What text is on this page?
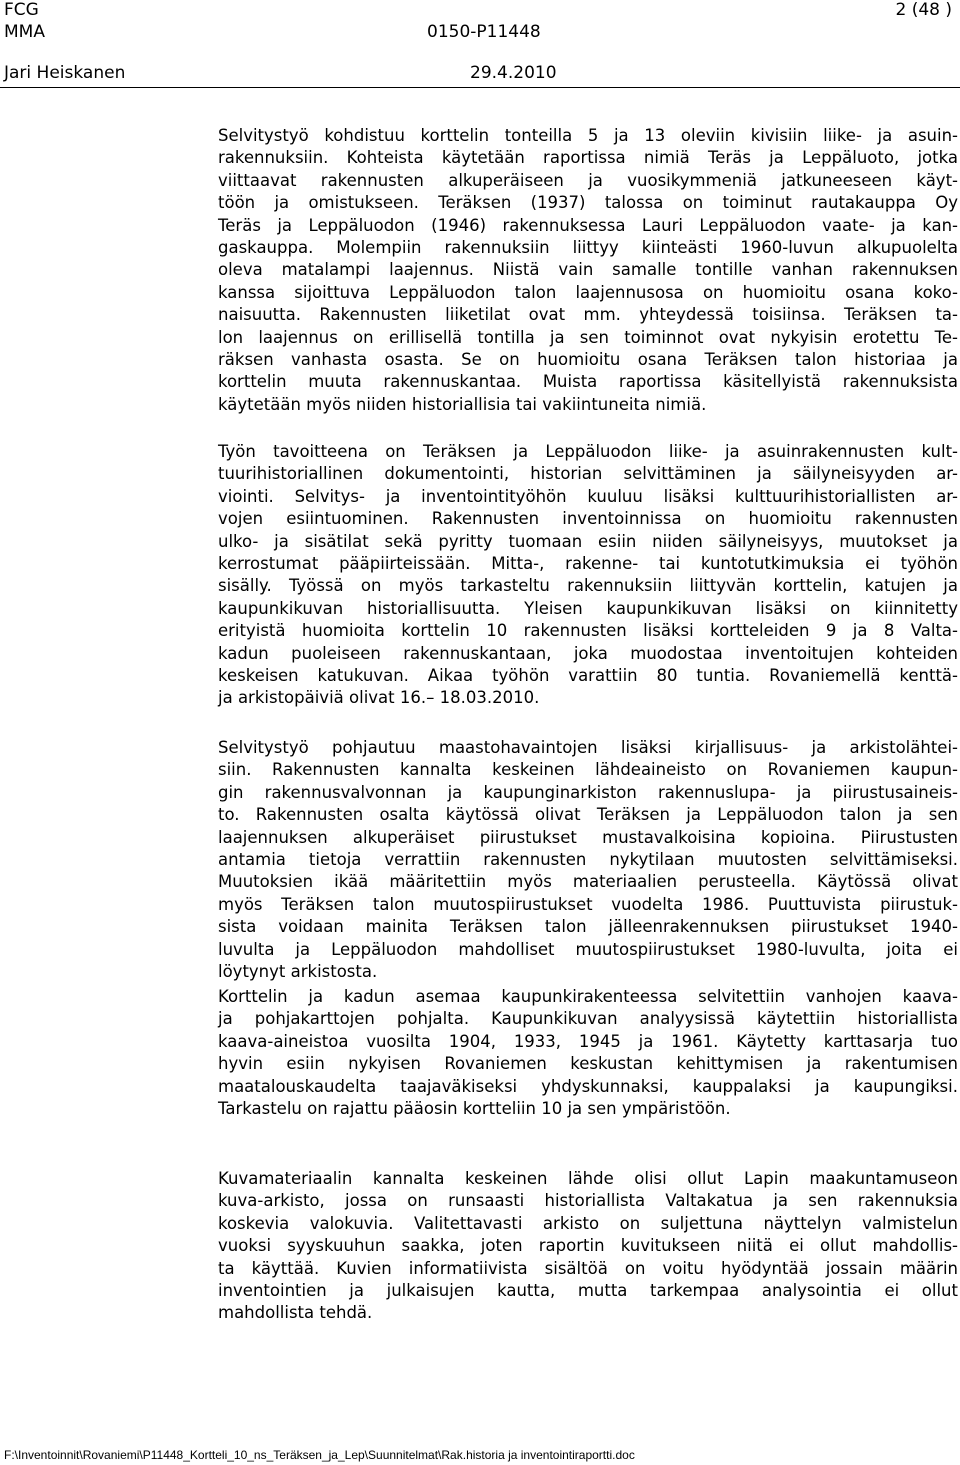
FCG	2 (48 )
MMA	0150-P11448
Jari Heiskanen	29.4.2010
Selvitystyö kohdistuu korttelin tonteilla 5 ja 13 oleviin kivisiin liike- ja asuin-
rakennuksiin. Kohteista käytetään raportissa nimiä Teräs ja Leppäluoto, jotka
viittaavat rakennusten alkuperäiseen ja vuosikymmeniä jatkuneeseen käyt-
töön ja omistukseen. Teräksen (1937) talossa on toiminut rautakauppa Oy
Teräs ja Leppäluodon (1946) rakennuksessa Lauri Leppäluodon vaate- ja kan-
gaskauppa. Molempiin rakennuksiin liittyy kiinteästi 1960-luvun alkupuolelta
oleva matalampi laajennus. Niistä vain samalle tontille vanhan rakennuksen
kanssa sijoittuva Leppäluodon talon laajennusosa on huomioitu osana koko-
naisuutta. Rakennusten liiketilat ovat mm. yhteydessä toisiinsa. Teräksen ta-
lon laajennus on erillisellä tontilla ja sen toiminnot ovat nykyisin erotettu Te-
räksen vanhasta osasta. Se on huomioitu osana Teräksen talon historiaa ja
korttelin muuta rakennuskantaa. Muista raportissa käsitellyistä rakennuksista
käytetään myös niiden historiallisia tai vakiintuneita nimiä.
Työn tavoitteena on Teräksen ja Leppäluodon liike- ja asuinrakennusten kult-
tuurihistoriallinen dokumentointi, historian selvittäminen ja säilyneisyyden ar-
viointi. Selvitys- ja inventointityöhön kuuluu lisäksi kulttuurihistoriallisten ar-
vojen esiintuominen. Rakennusten inventoinnissa on huomioitu rakennusten
ulko- ja sisätilat sekä pyritty tuomaan esiin niiden säilyneisyys, muutokset ja
kerrostumat pääpiirteissään. Mitta-, rakenne- tai kuntotutkimuksia ei työhön
sisälly. Työssä on myös tarkasteltu rakennuksiin liittyvän korttelin, katujen ja
kaupunkikuvan historiallisuutta. Yleisen kaupunkikuvan lisäksi on kiinnitetty
erityistä huomioita korttelin 10 rakennusten lisäksi kortteleiden 9 ja 8 Valta-
kadun puoleiseen rakennuskantaan, joka muodostaa inventoitujen kohteiden
keskeisen katukuvan. Aikaa työhön varattiin 80 tuntia. Rovaniemellä kenttä-
ja arkistopäiviä olivat 16.– 18.03.2010.
Selvitystyö pohjautuu maastohavaintojen lisäksi kirjallisuus- ja arkistolähtei-
siin. Rakennusten kannalta keskeinen lähdeaineisto on Rovaniemen kaupun-
gin rakennusvalvonnan ja kaupunginarkiston rakennuslupa- ja piirustusaineis-
to. Rakennusten osalta käytössä olivat Teräksen ja Leppäluodon talon ja sen
laajennuksen alkuperäiset piirustukset mustavalkoisina kopioina. Piirustusten
antamia tietoja verrattiin rakennusten nykytilaan muutosten selvittämiseksi.
Muutoksien ikää määritettiin myös materiaalien perusteella. Käytössä olivat
myös Teräksen talon muutospiirustukset vuodelta 1986. Puuttuvista piirustuk-
sista voidaan mainita Teräksen talon jälleenrakennuksen piirustukset 1940-
luvulta ja Leppäluodon mahdolliset muutospiirustukset 1980-luvulta, joita ei
löytynyt arkistosta.
Korttelin ja kadun asemaa kaupunkirakenteessa selvitettiin vanhojen kaava-
ja pohjakarttojen pohjalta. Kaupunkikuvan analyysissä käytettiin historiallista
kaava-aineistoa vuosilta 1904, 1933, 1945 ja 1961. Käytetty karttasarja tuo
hyvin esiin nykyisen Rovaniemen keskustan kehittymisen ja rakentumisen
maatalouskaudelta taajaväkiseksi yhdyskunnaksi, kauppalaksi ja kaupungiksi.
Tarkastelu on rajattu pääosin kortteliin 10 ja sen ympäristöön.
Kuvamateriaalin kannalta keskeinen lähde olisi ollut Lapin maakuntamuseon
kuva-arkisto, jossa on runsaasti historiallista Valtakatua ja sen rakennuksia
koskevia valokuvia. Valitettavasti arkisto on suljettuna näyttelyn valmistelun
vuoksi syyskuuhun saakka, joten raportin kuvitukseen niitä ei ollut mahdollis-
ta käyttää. Kuvien informatiivista sisältöä on voitu hyödyntää jossain määrin
inventointien ja julkaisujen kautta, mutta tarkempaa analysointia ei ollut
mahdollista tehdä.
F:\Inventoinnit\Rovaniemi\P11448_Kortteli_10_ns_Teräksen_ja_Lep\Suunnitelmat\Rak.historia ja inventointiraportti.doc
